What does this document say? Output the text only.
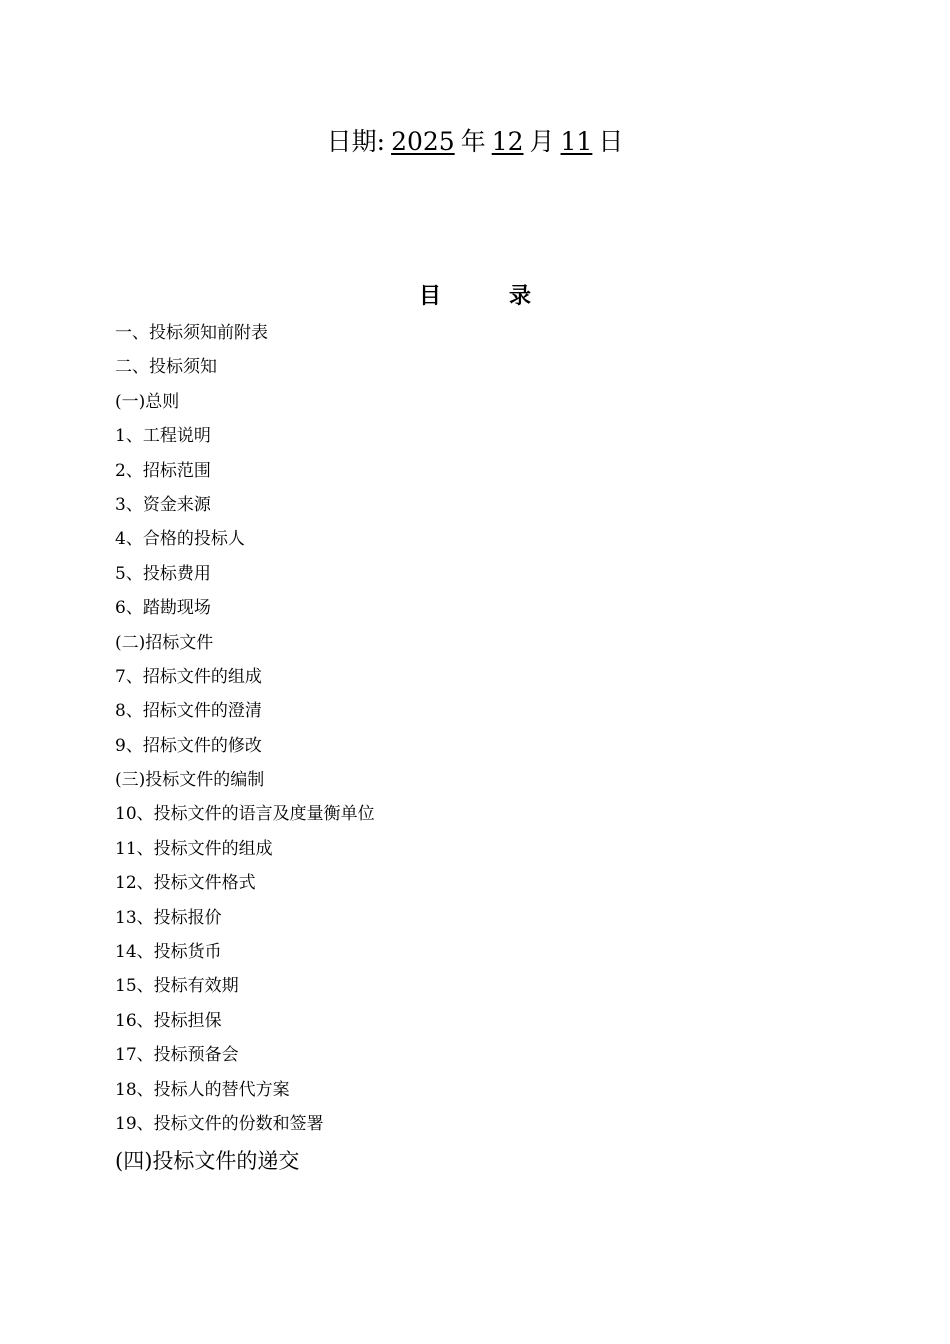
日期: 2025 年 12 月 11 日
目录
一、投标须知前附表
二、投标须知
(一)总则
1、工程说明
2、招标范围
3、资金来源
4、合格的投标人
5、投标费用
6、踏勘现场
(二)招标文件
7、招标文件的组成
8、招标文件的澄清
9、招标文件的修改
(三)投标文件的编制
10、投标文件的语言及度量衡单位
11、投标文件的组成
12、投标文件格式
13、投标报价
14、投标货币
15、投标有效期
16、投标担保
17、投标预备会
18、投标人的替代方案
19、投标文件的份数和签署
(四)投标文件的递交
